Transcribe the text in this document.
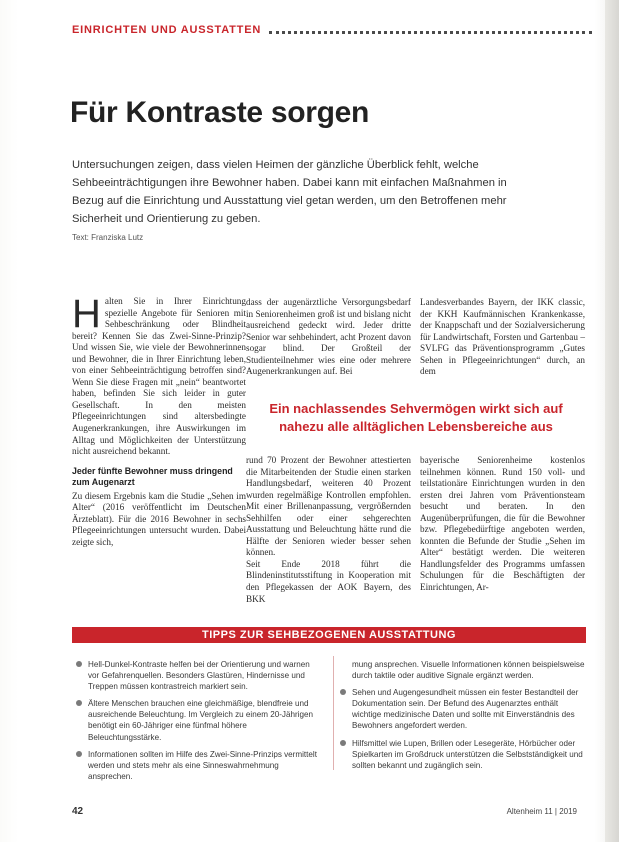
EINRICHTEN UND AUSSTATTEN
Für Kontraste sorgen

Untersuchungen zeigen, dass vielen Heimen der gänzliche Überblick fehlt, welche Sehbeeinträchtigungen ihre Bewohner haben. Dabei kann mit einfachen Maßnahmen in Bezug auf die Einrichtung und Ausstattung viel getan werden, um den Betroffenen mehr Sicherheit und Orientierung zu geben.

Text: Franziska Lutz

H alten Sie in Ihrer Einrichtung spezielle Angebote für Senioren mit Sehbeschränkung oder Blindheit bereit? Kennen Sie das Zwei-Sinne-Prinzip? Und wissen Sie, wie viele der Bewohnerinnen und Bewohner, die in Ihrer Einrichtung leben, von einer Sehbeeinträchtigung betroffen sind? Wenn Sie diese Fragen mit „nein“ beantwortet haben, befinden Sie sich leider in guter Gesellschaft. In den meisten Pflegeeinrichtungen sind altersbedingte Augenerkrankungen, ihre Auswirkungen im Alltag und Möglichkeiten der Unterstützung nicht ausreichend bekannt.
Jeder fünfte Bewohner muss dringend zum Augenarzt
Zu diesem Ergebnis kam die Studie „Sehen im Alter“ (2016 veröffentlicht im Deutschen Ärzteblatt). Für die 2016 Bewohner in sechs Pflegeeinrichtungen untersucht wurden. Dabei zeigte sich,

dass der augenärztliche Versorgungsbedarf in Seniorenheimen groß ist und bislang nicht ausreichend gedeckt wird. Jeder dritte Senior war sehbehindert, acht Prozent davon sogar blind. Der Großteil der Studienteilnehmer wies eine oder mehrere Augenerkrankungen auf. Bei

Landesverbandes Bayern, der IKK classic, der KKH Kaufmännischen Krankenkasse, der Knappschaft und der Sozialversicherung für Landwirtschaft, Forsten und Gartenbau – SVLFG das Präventionsprogramm „Gutes Sehen in Pflegeeinrichtungen“ durch, an dem

Ein nachlassendes Sehvermögen wirkt sich auf nahezu alle alltäglichen Lebensbereiche aus

rund 70 Prozent der Bewohner attestierten die Mitarbeitenden der Studie einen starken Handlungsbedarf, weiteren 40 Prozent wurden regelmäßige Kontrollen empfohlen. Mit einer Brillenanpassung, vergrößernden Sehhilfen oder einer sehgerechten Ausstattung und Beleuchtung hätte rund die Hälfte der Senioren wieder besser sehen können.
Seit Ende 2018 führt die Blindeninstitutsstiftung in Kooperation mit den Pflegekassen der AOK Bayern, des BKK

bayerische Seniorenheime kostenlos teilnehmen können. Rund 150 voll- und teilstationäre Einrichtungen wurden in den ersten drei Jahren vom Präventionsteam besucht und beraten. In den Augenüberprüfungen, die für die Bewohner bzw. Pflegebedürftige angeboten werden, konnten die Befunde der Studie „Sehen im Alter“ bestätigt werden. Die weiteren Handlungsfelder des Programms umfassen Schulungen für die Beschäftigten der Einrichtungen, Ar-

TIPPS ZUR SEHBEZOGENEN AUSSTATTUNG

Hell-Dunkel-Kontraste helfen bei der Orientierung und warnen vor Gefahrenquellen. Besonders Glastüren, Hindernisse und Treppen müssen kontrastreich markiert sein.
Ältere Menschen brauchen eine gleichmäßige, blendfreie und ausreichende Beleuchtung. Im Vergleich zu einem 20-Jährigen benötigt ein 60-Jähriger eine fünfmal höhere Beleuchtungsstärke.
Informationen sollten im Hilfe des Zwei-Sinne-Prinzips vermittelt werden und stets mehr als eine Sinneswahrnehmung ansprechen.
mung ansprechen. Visuelle Informationen können beispielsweise durch taktile oder auditive Signale ergänzt werden.
Sehen und Augengesundheit müssen ein fester Bestandteil der Dokumentation sein. Der Befund des Augenarztes enthält wichtige medizinische Daten und sollte mit Einverständnis des Bewohners angefordert werden.
Hilfsmittel wie Lupen, Brillen oder Lesegeräte, Hörbücher oder Spielkarten im Großdruck unterstützen die Selbstständigkeit und sollten bekannt und zugänglich sein.

42	Altenheim 11 | 2019
